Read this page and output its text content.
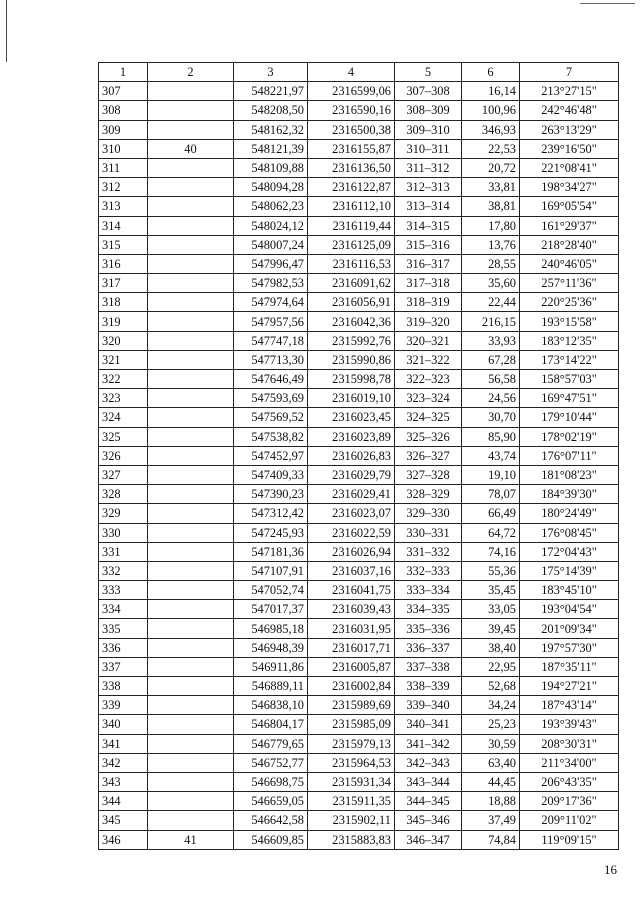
1	2	3	4	5	6	7
307		548221,97	2316599,06	307–308	16,14	213°27'15"
308		548208,50	2316590,16	308–309	100,96	242°46'48"
309		548162,32	2316500,38	309–310	346,93	263°13'29"
310	40	548121,39	2316155,87	310–311	22,53	239°16'50"
311		548109,88	2316136,50	311–312	20,72	221°08'41"
312		548094,28	2316122,87	312–313	33,81	198°34'27"
313		548062,23	2316112,10	313–314	38,81	169°05'54"
314		548024,12	2316119,44	314–315	17,80	161°29'37"
315		548007,24	2316125,09	315–316	13,76	218°28'40"
316		547996,47	2316116,53	316–317	28,55	240°46'05"
317		547982,53	2316091,62	317–318	35,60	257°11'36"
318		547974,64	2316056,91	318–319	22,44	220°25'36"
319		547957,56	2316042,36	319–320	216,15	193°15'58"
320		547747,18	2315992,76	320–321	33,93	183°12'35"
321		547713,30	2315990,86	321–322	67,28	173°14'22"
322		547646,49	2315998,78	322–323	56,58	158°57'03"
323		547593,69	2316019,10	323–324	24,56	169°47'51"
324		547569,52	2316023,45	324–325	30,70	179°10'44"
325		547538,82	2316023,89	325–326	85,90	178°02'19"
326		547452,97	2316026,83	326–327	43,74	176°07'11"
327		547409,33	2316029,79	327–328	19,10	181°08'23"
328		547390,23	2316029,41	328–329	78,07	184°39'30"
329		547312,42	2316023,07	329–330	66,49	180°24'49"
330		547245,93	2316022,59	330–331	64,72	176°08'45"
331		547181,36	2316026,94	331–332	74,16	172°04'43"
332		547107,91	2316037,16	332–333	55,36	175°14'39"
333		547052,74	2316041,75	333–334	35,45	183°45'10"
334		547017,37	2316039,43	334–335	33,05	193°04'54"
335		546985,18	2316031,95	335–336	39,45	201°09'34"
336		546948,39	2316017,71	336–337	38,40	197°57'30"
337		546911,86	2316005,87	337–338	22,95	187°35'11"
338		546889,11	2316002,84	338–339	52,68	194°27'21"
339		546838,10	2315989,69	339–340	34,24	187°43'14"
340		546804,17	2315985,09	340–341	25,23	193°39'43"
341		546779,65	2315979,13	341–342	30,59	208°30'31"
342		546752,77	2315964,53	342–343	63,40	211°34'00"
343		546698,75	2315931,34	343–344	44,45	206°43'35"
344		546659,05	2315911,35	344–345	18,88	209°17'36"
345		546642,58	2315902,11	345–346	37,49	209°11'02"
346	41	546609,85	2315883,83	346–347	74,84	119°09'15"
16
